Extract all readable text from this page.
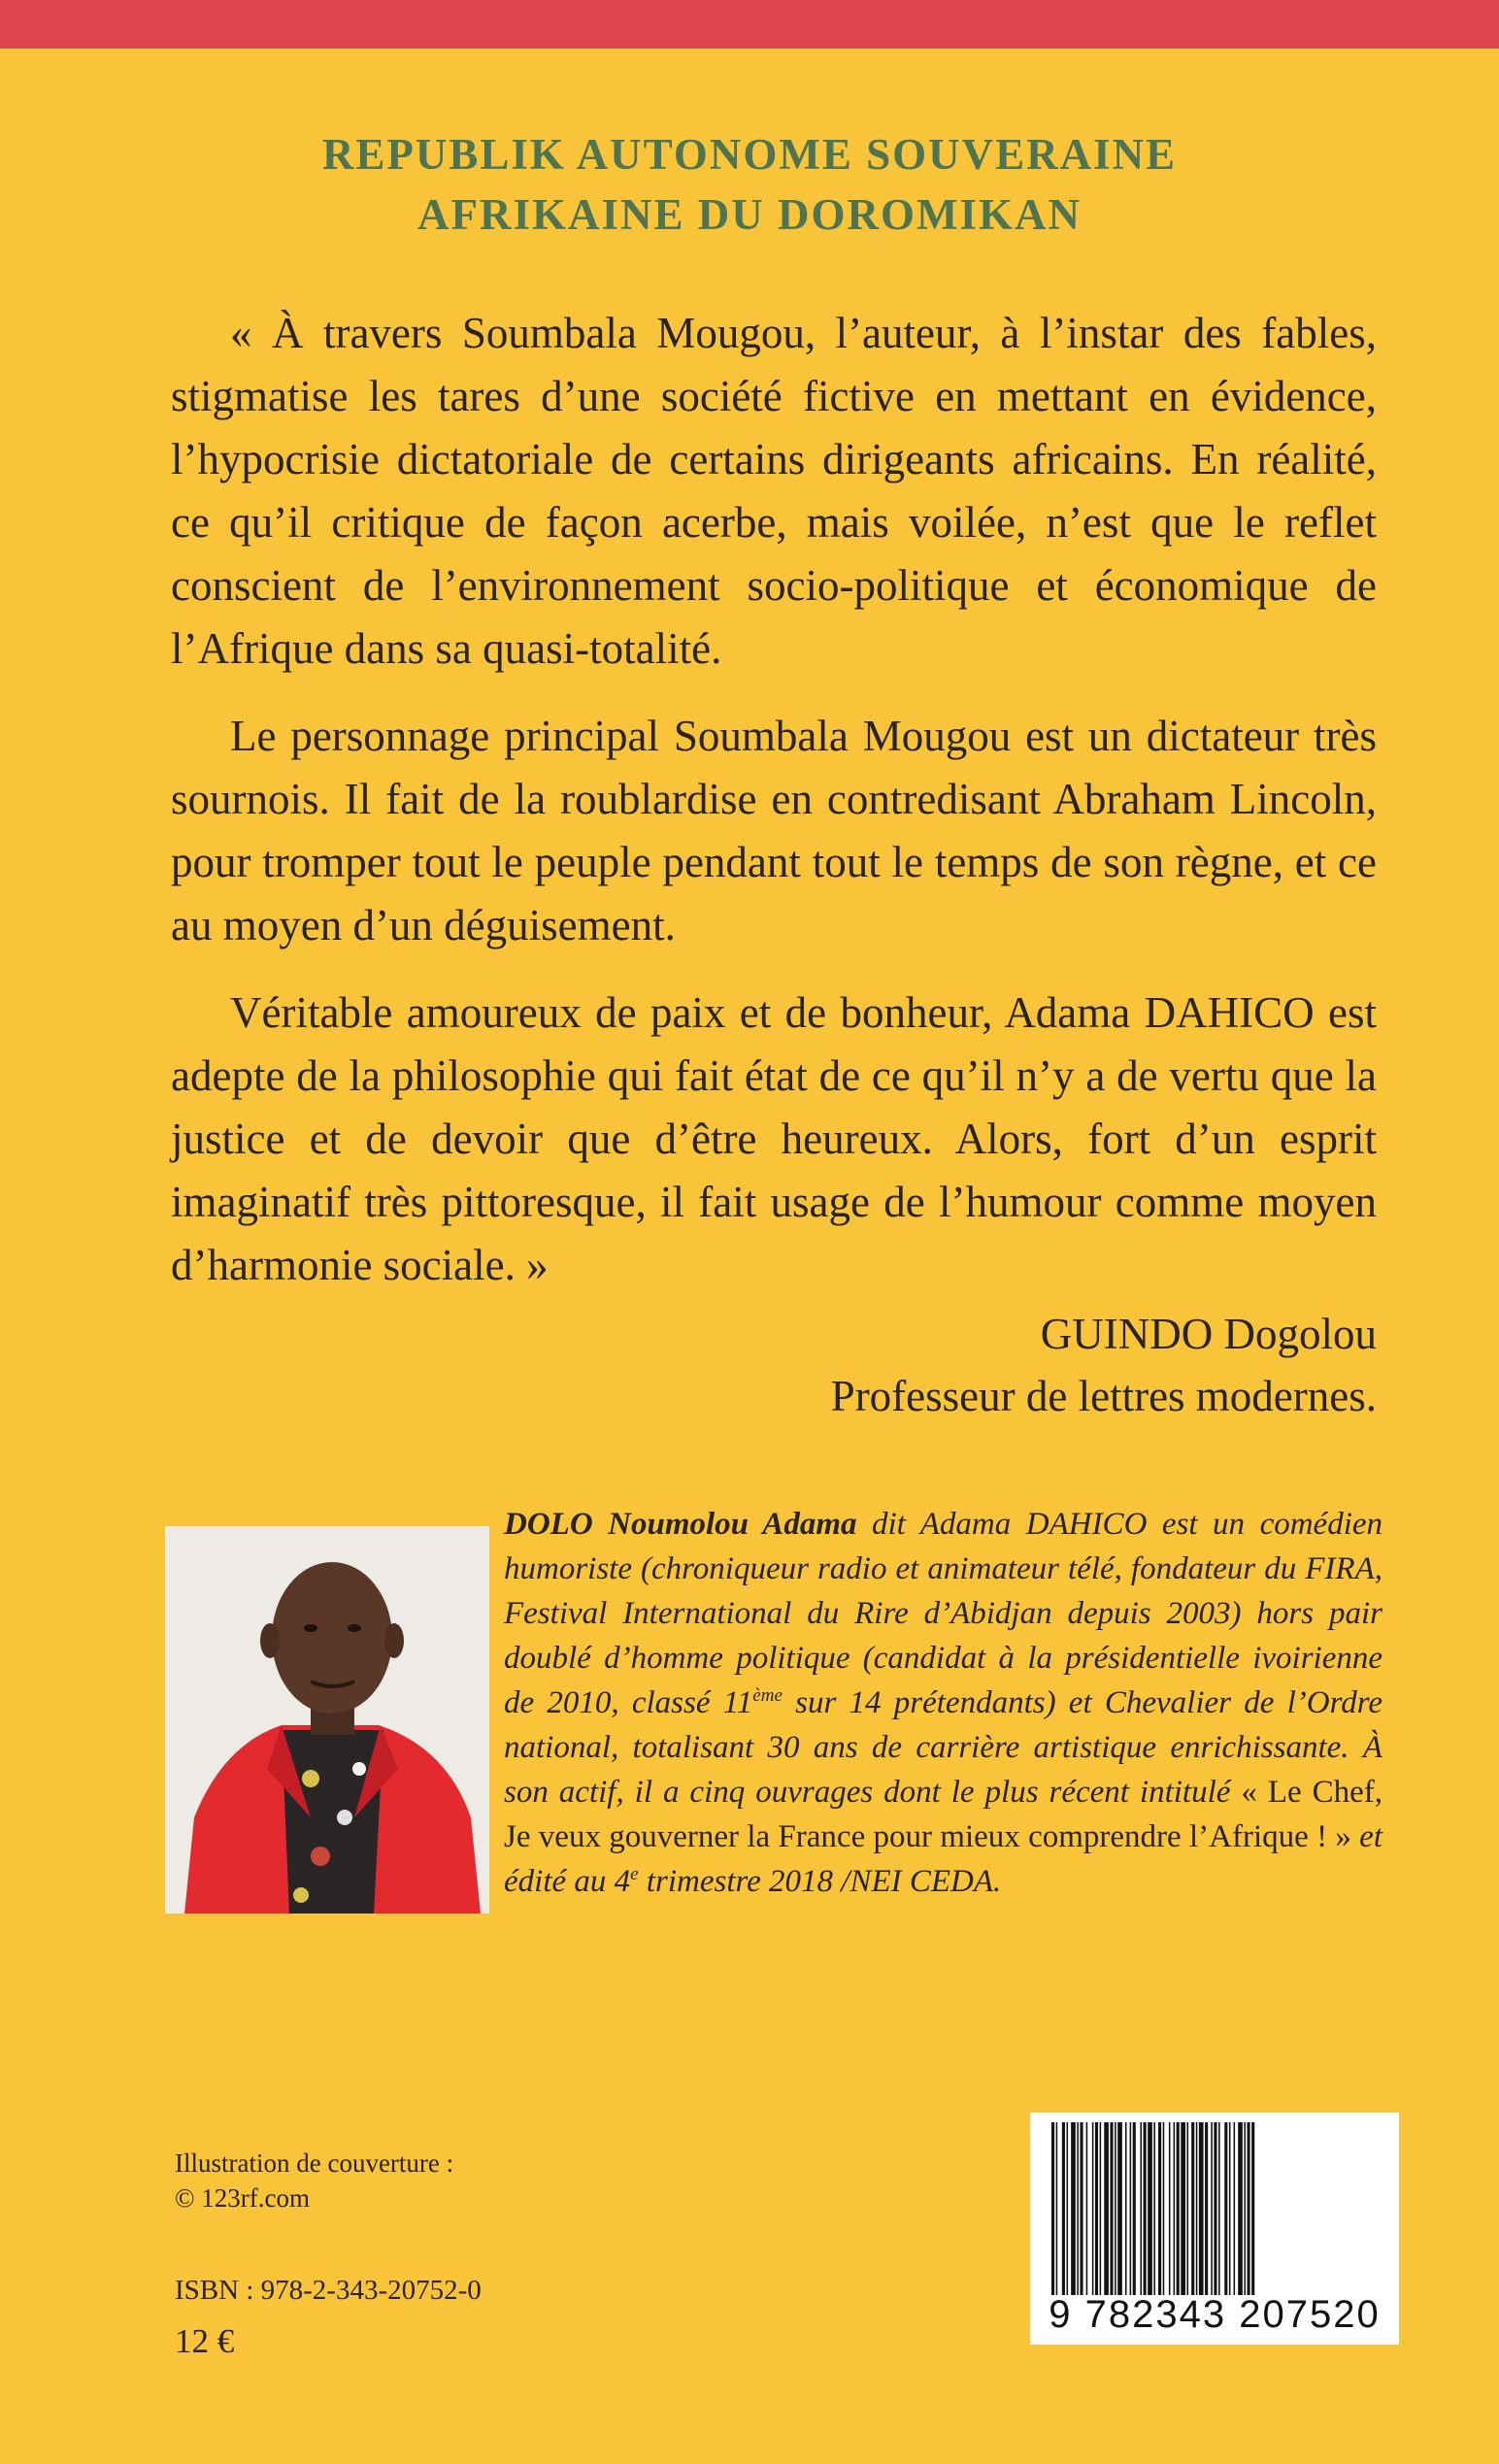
REPUBLIK AUTONOME SOUVERAINE
AFRIKAINE DU DOROMIKAN

« À travers Soumbala Mougou, l’auteur, à l’instar des fables, stigmatise les tares d’une société fictive en mettant en évidence, l’hypocrisie dictatoriale de certains dirigeants africains. En réalité, ce qu’il critique de façon acerbe, mais voilée, n’est que le reflet conscient de l’environnement socio-politique et économique de l’Afrique dans sa quasi-totalité.

Le personnage principal Soumbala Mougou est un dictateur très sournois. Il fait de la roublardise en contredisant Abraham Lincoln, pour tromper tout le peuple pendant tout le temps de son règne, et ce au moyen d’un déguisement.

Véritable amoureux de paix et de bonheur, Adama DAHICO est adepte de la philosophie qui fait état de ce qu’il n’y a de vertu que la justice et de devoir que d’être heureux. Alors, fort d’un esprit imaginatif très pittoresque, il fait usage de l’humour comme moyen d’harmonie sociale. »

GUINDO Dogolou
Professeur de lettres modernes.
DOLO Noumolou Adama dit Adama DAHICO est un comédien humoriste (chroniqueur radio et animateur télé, fondateur du FIRA, Festival International du Rire d’Abidjan depuis 2003) hors pair doublé d’homme politique (candidat à la présidentielle ivoirienne de 2010, classé 11ème sur 14 prétendants) et Chevalier de l’Ordre national, totalisant 30 ans de carrière artistique enrichissante. À son actif, il a cinq ouvrages dont le plus récent intitulé « Le Chef, Je veux gouverner la France pour mieux comprendre l’Afrique ! » et édité au 4e trimestre 2018 /NEI CEDA.
Illustration de couverture :
© 123rf.com
ISBN : 978-2-343-20752-0
12 €
9 782343 207520
